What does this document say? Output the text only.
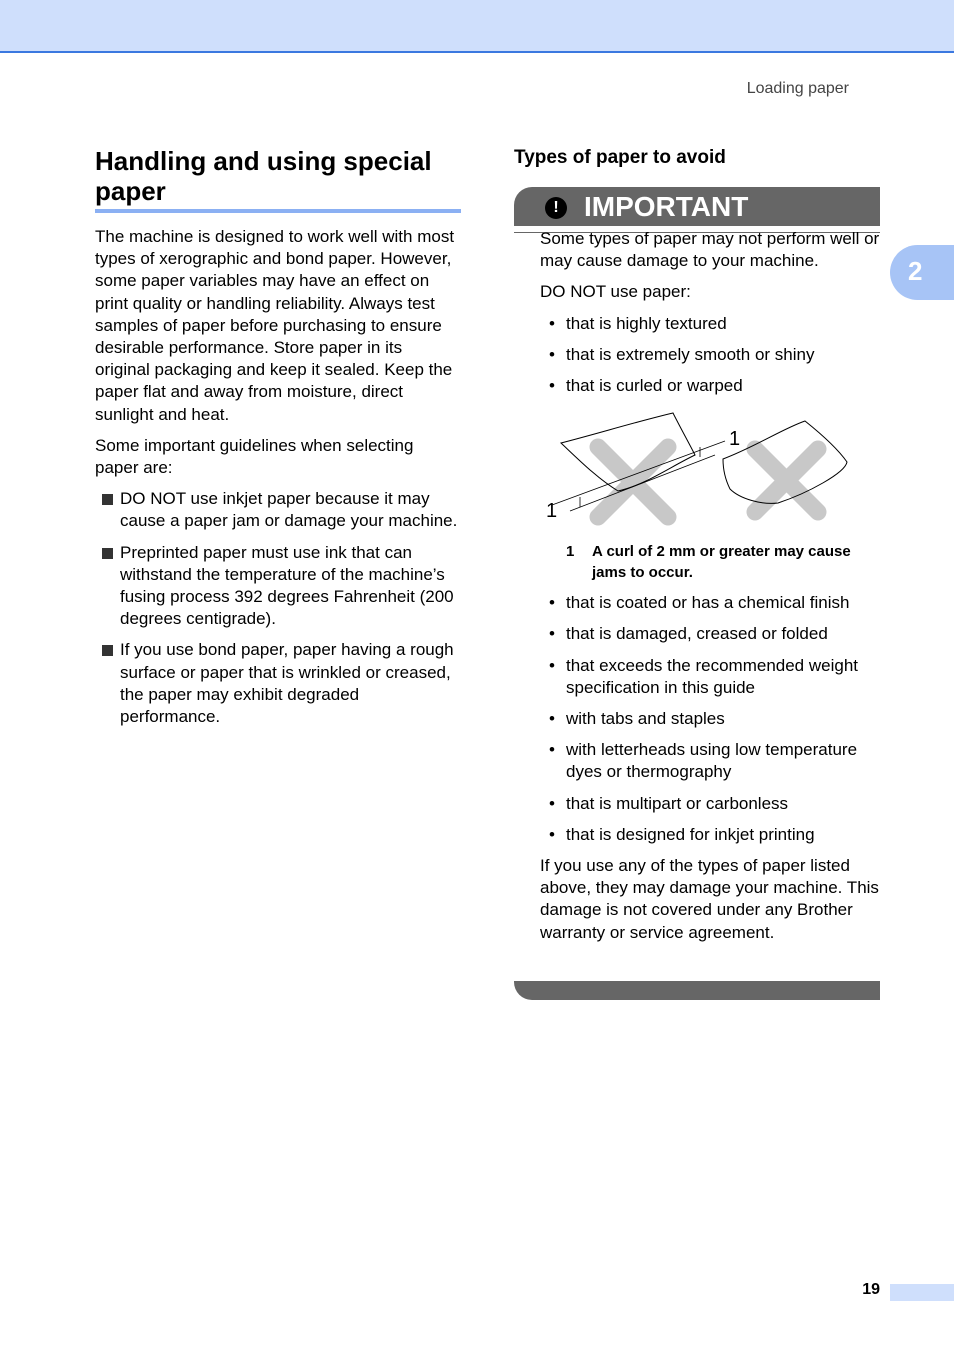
Loading paper
2
Handling and using special paper

The machine is designed to work well with most types of xerographic and bond paper. However, some paper variables may have an effect on print quality or handling reliability. Always test samples of paper before purchasing to ensure desirable performance. Store paper in its original packaging and keep it sealed. Keep the paper flat and away from moisture, direct sunlight and heat.

Some important guidelines when selecting paper are:

DO NOT use inkjet paper because it may cause a paper jam or damage your machine.
Preprinted paper must use ink that can withstand the temperature of the machine’s fusing process 392 degrees Fahrenheit (200 degrees centigrade).
If you use bond paper, paper having a rough surface or paper that is wrinkled or creased, the paper may exhibit degraded performance.
Types of paper to avoid
! IMPORTANT

Some types of paper may not perform well or may cause damage to your machine.

DO NOT use paper:

• that is highly textured
• that is extremely smooth or shiny
• that is curled or warped
1
1
1 A curl of 2 mm or greater may cause jams to occur.
• that is coated or has a chemical finish
• that is damaged, creased or folded
• that exceeds the recommended weight specification in this guide
• with tabs and staples
• with letterheads using low temperature dyes or thermography
• that is multipart or carbonless
• that is designed for inkjet printing

If you use any of the types of paper listed above, they may damage your machine. This damage is not covered under any Brother warranty or service agreement.

19
